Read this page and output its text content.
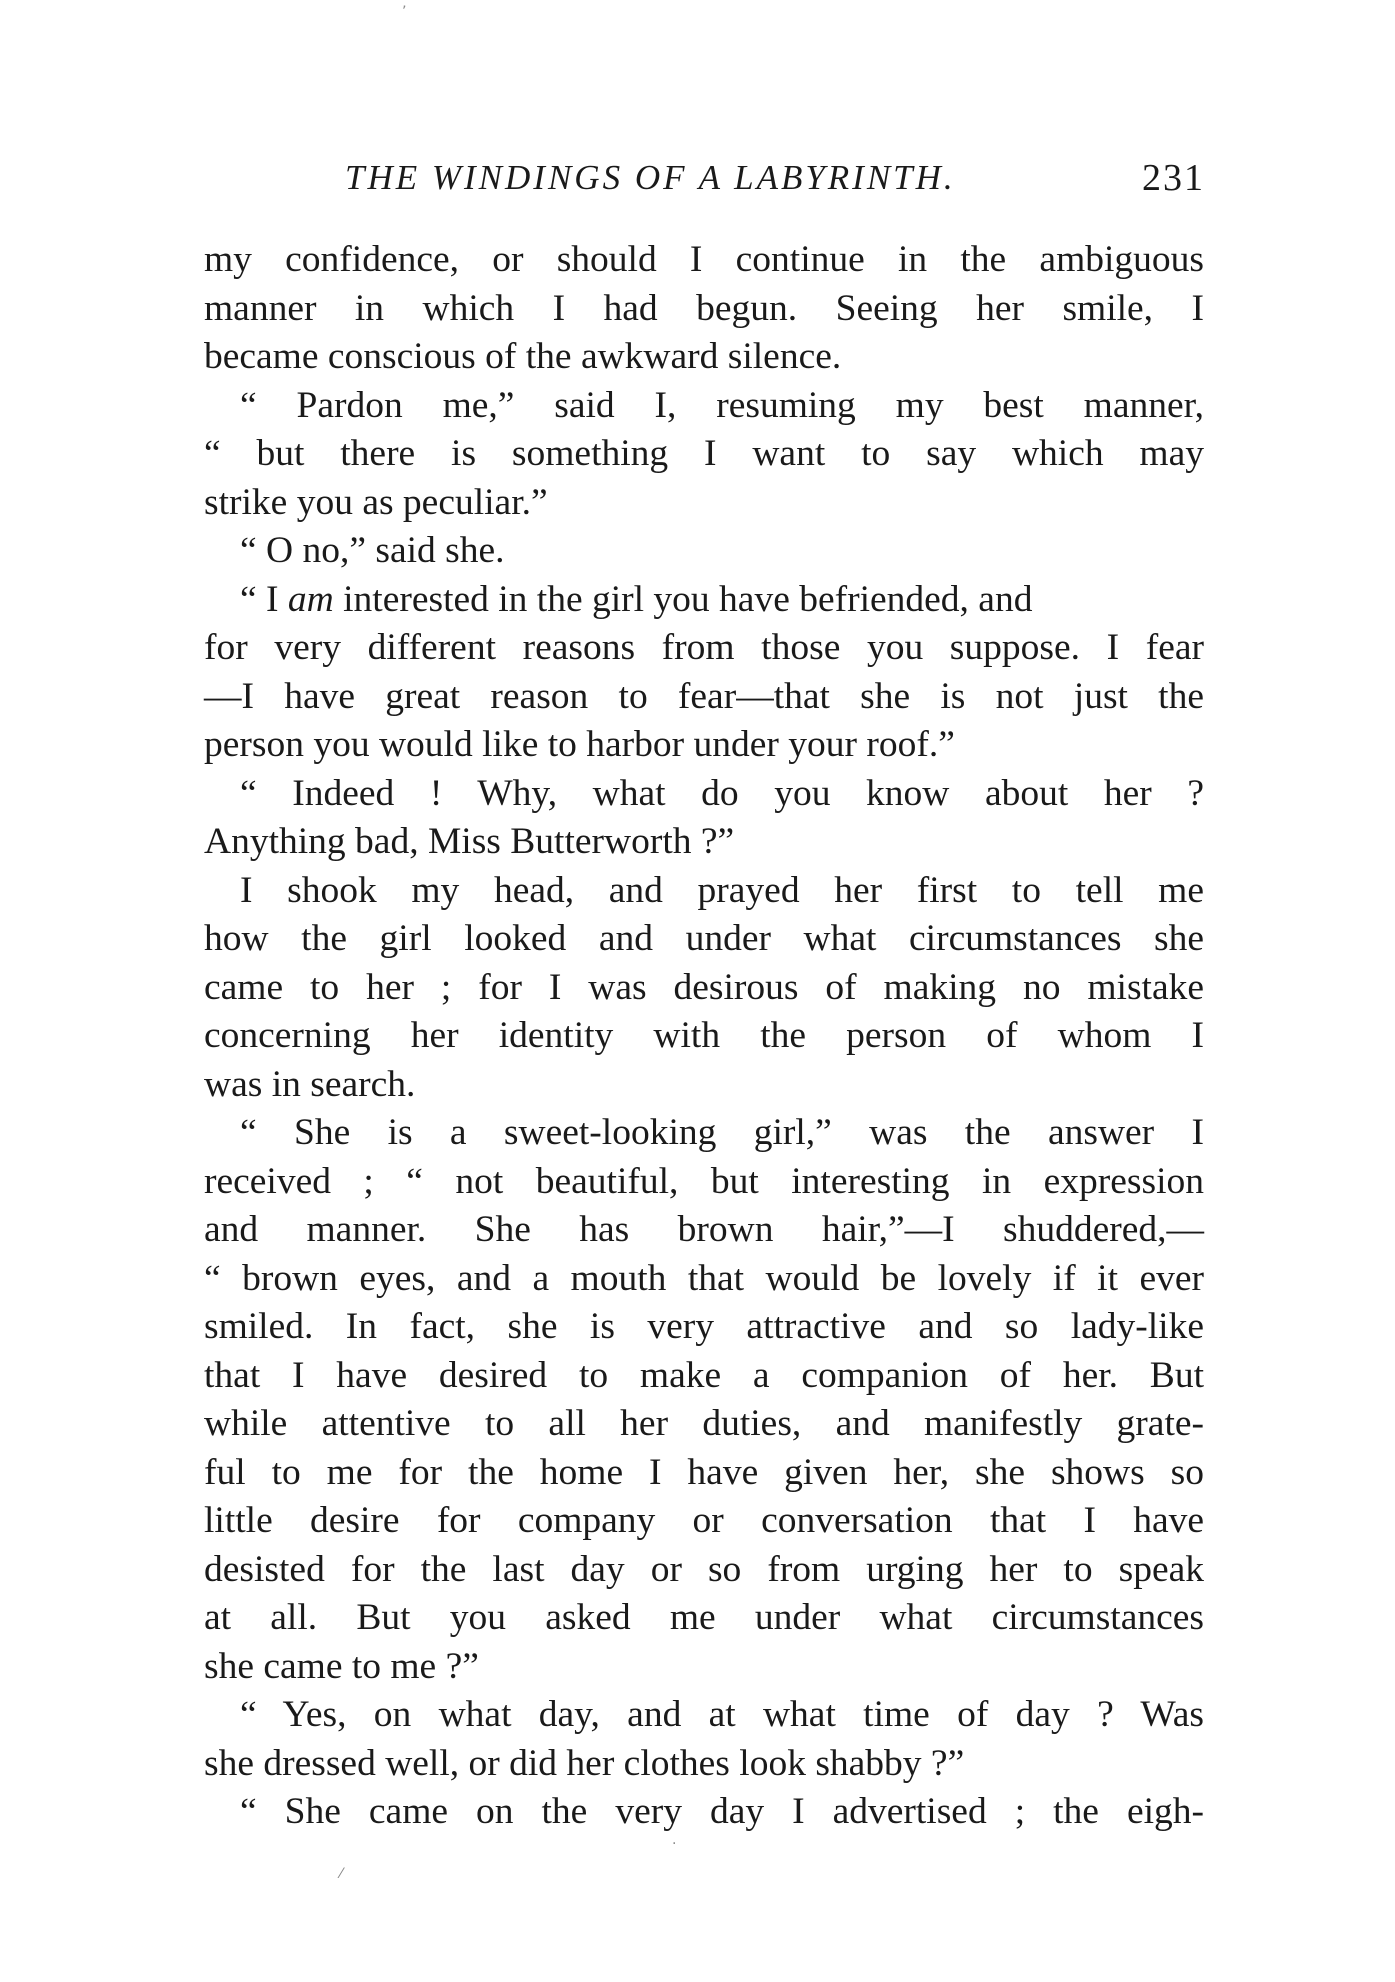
THE WINDINGS OF A LABYRINTH.	231
my confidence, or should I continue in the ambiguous
manner in which I had begun. Seeing her smile, I
became conscious of the awkward silence.
“ Pardon me,” said I, resuming my best manner,
“ but there is something I want to say which may
strike you as peculiar.”
“ O no,” said she.
“ I am interested in the girl you have befriended, and
for very different reasons from those you suppose. I fear
—I have great reason to fear—that she is not just the
person you would like to harbor under your roof.”
“ Indeed ! Why, what do you know about her ?
Anything bad, Miss Butterworth ?”
I shook my head, and prayed her first to tell me
how the girl looked and under what circumstances she
came to her ; for I was desirous of making no mistake
concerning her identity with the person of whom I
was in search.
“ She is a sweet-looking girl,” was the answer I
received ; “ not beautiful, but interesting in expression
and manner. She has brown hair,”—I shuddered,—
“ brown eyes, and a mouth that would be lovely if it ever
smiled. In fact, she is very attractive and so lady-like
that I have desired to make a companion of her. But
while attentive to all her duties, and manifestly grate-
ful to me for the home I have given her, she shows so
little desire for company or conversation that I have
desisted for the last day or so from urging her to speak
at all. But you asked me under what circumstances
she came to me ?”
“ Yes, on what day, and at what time of day ? Was
she dressed well, or did her clothes look shabby ?”
“ She came on the very day I advertised ; the eigh-
’
⁄
·
